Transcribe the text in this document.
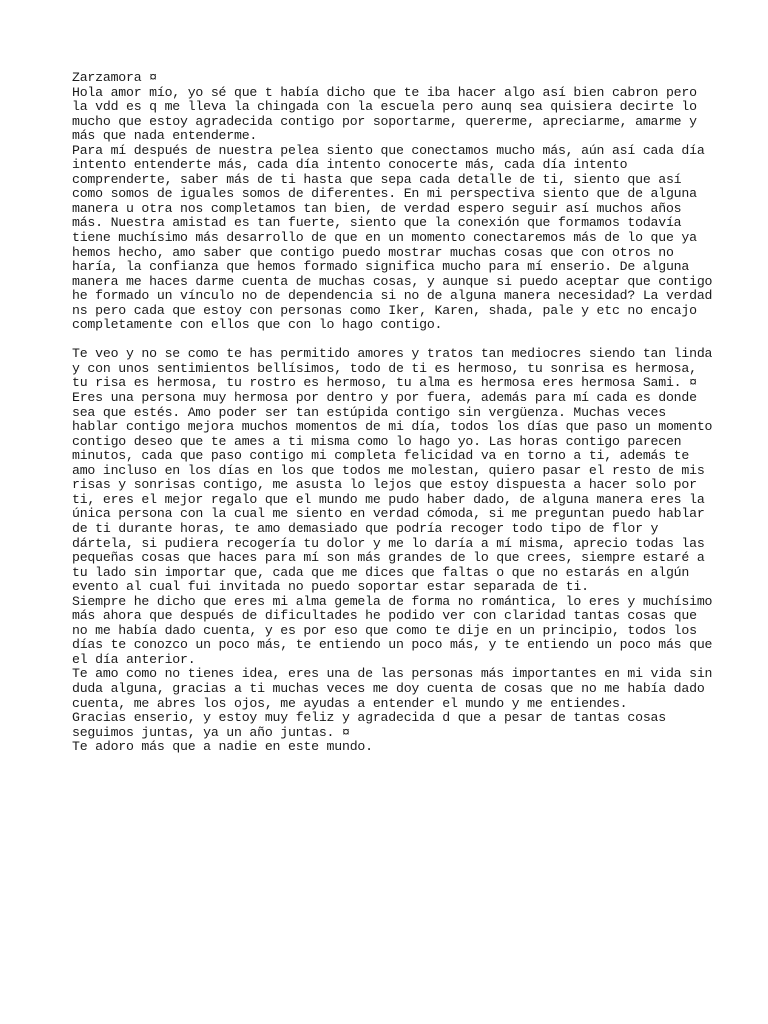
Zarzamora ¤
Hola amor mío, yo sé que t había dicho que te iba hacer algo así bien cabron pero
la vdd es q me lleva la chingada con la escuela pero aunq sea quisiera decirte lo
mucho que estoy agradecida contigo por soportarme, quererme, apreciarme, amarme y
más que nada entenderme.
Para mí después de nuestra pelea siento que conectamos mucho más, aún así cada día
intento entenderte más, cada día intento conocerte más, cada día intento
comprenderte, saber más de ti hasta que sepa cada detalle de ti, siento que así
como somos de iguales somos de diferentes. En mi perspectiva siento que de alguna
manera u otra nos completamos tan bien, de verdad espero seguir así muchos años
más. Nuestra amistad es tan fuerte, siento que la conexión que formamos todavía
tiene muchísimo más desarrollo de que en un momento conectaremos más de lo que ya
hemos hecho, amo saber que contigo puedo mostrar muchas cosas que con otros no
haría, la confianza que hemos formado significa mucho para mí enserio. De alguna
manera me haces darme cuenta de muchas cosas, y aunque si puedo aceptar que contigo
he formado un vínculo no de dependencia si no de alguna manera necesidad? La verdad
ns pero cada que estoy con personas como Iker, Karen, shada, pale y etc no encajo
completamente con ellos que con lo hago contigo.
Te veo y no se como te has permitido amores y tratos tan mediocres siendo tan linda
y con unos sentimientos bellísimos, todo de ti es hermoso, tu sonrisa es hermosa,
tu risa es hermosa, tu rostro es hermoso, tu alma es hermosa eres hermosa Sami. ¤
Eres una persona muy hermosa por dentro y por fuera, además para mí cada es donde
sea que estés. Amo poder ser tan estúpida contigo sin vergüenza. Muchas veces
hablar contigo mejora muchos momentos de mi día, todos los días que paso un momento
contigo deseo que te ames a ti misma como lo hago yo. Las horas contigo parecen
minutos, cada que paso contigo mi completa felicidad va en torno a ti, además te
amo incluso en los días en los que todos me molestan, quiero pasar el resto de mis
risas y sonrisas contigo, me asusta lo lejos que estoy dispuesta a hacer solo por
ti, eres el mejor regalo que el mundo me pudo haber dado, de alguna manera eres la
única persona con la cual me siento en verdad cómoda, si me preguntan puedo hablar
de ti durante horas, te amo demasiado que podría recoger todo tipo de flor y
dártela, si pudiera recogería tu dolor y me lo daría a mí misma, aprecio todas las
pequeñas cosas que haces para mí son más grandes de lo que crees, siempre estaré a
tu lado sin importar que, cada que me dices que faltas o que no estarás en algún
evento al cual fui invitada no puedo soportar estar separada de ti.
Siempre he dicho que eres mi alma gemela de forma no romántica, lo eres y muchísimo
más ahora que después de dificultades he podido ver con claridad tantas cosas que
no me había dado cuenta, y es por eso que como te dije en un principio, todos los
días te conozco un poco más, te entiendo un poco más, y te entiendo un poco más que
el día anterior.
Te amo como no tienes idea, eres una de las personas más importantes en mi vida sin
duda alguna, gracias a ti muchas veces me doy cuenta de cosas que no me había dado
cuenta, me abres los ojos, me ayudas a entender el mundo y me entiendes.
Gracias enserio, y estoy muy feliz y agradecida d que a pesar de tantas cosas
seguimos juntas, ya un año juntas. ¤
Te adoro más que a nadie en este mundo.
